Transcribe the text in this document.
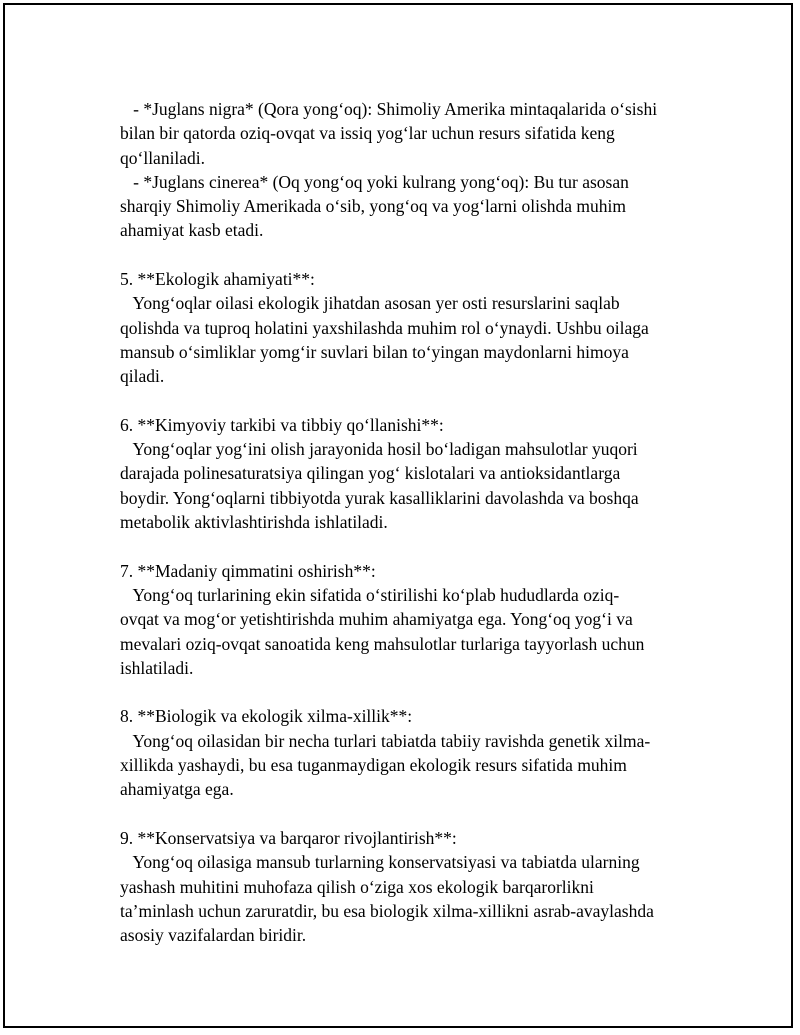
- *Juglans nigra* (Qora yong‘oq): Shimoliy Amerika mintaqalarida o‘sishi
bilan bir qatorda oziq-ovqat va issiq yog‘lar uchun resurs sifatida keng
qo‘llaniladi.
- *Juglans cinerea* (Oq yong‘oq yoki kulrang yong‘oq): Bu tur asosan
sharqiy Shimoliy Amerikada o‘sib, yong‘oq va yog‘larni olishda muhim
ahamiyat kasb etadi.
5. **Ekologik ahamiyati**:
Yong‘oqlar oilasi ekologik jihatdan asosan yer osti resurslarini saqlab
qolishda va tuproq holatini yaxshilashda muhim rol o‘ynaydi. Ushbu oilaga
mansub o‘simliklar yomg‘ir suvlari bilan to‘yingan maydonlarni himoya
qiladi.
6. **Kimyoviy tarkibi va tibbiy qo‘llanishi**:
Yong‘oqlar yog‘ini olish jarayonida hosil bo‘ladigan mahsulotlar yuqori
darajada polinesaturatsiya qilingan yog‘ kislotalari va antioksidantlarga
boydir. Yong‘oqlarni tibbiyotda yurak kasalliklarini davolashda va boshqa
metabolik aktivlashtirishda ishlatiladi.
7. **Madaniy qimmatini oshirish**:
Yong‘oq turlarining ekin sifatida o‘stirilishi ko‘plab hududlarda oziq-
ovqat va mog‘or yetishtirishda muhim ahamiyatga ega. Yong‘oq yog‘i va
mevalari oziq-ovqat sanoatida keng mahsulotlar turlariga tayyorlash uchun
ishlatiladi.
8. **Biologik va ekologik xilma-xillik**:
Yong‘oq oilasidan bir necha turlari tabiatda tabiiy ravishda genetik xilma-
xillikda yashaydi, bu esa tuganmaydigan ekologik resurs sifatida muhim
ahamiyatga ega.
9. **Konservatsiya va barqaror rivojlantirish**:
Yong‘oq oilasiga mansub turlarning konservatsiyasi va tabiatda ularning
yashash muhitini muhofaza qilish o‘ziga xos ekologik barqarorlikni
ta’minlash uchun zaruratdir, bu esa biologik xilma-xillikni asrab-avaylashda
asosiy vazifalardan biridir.
